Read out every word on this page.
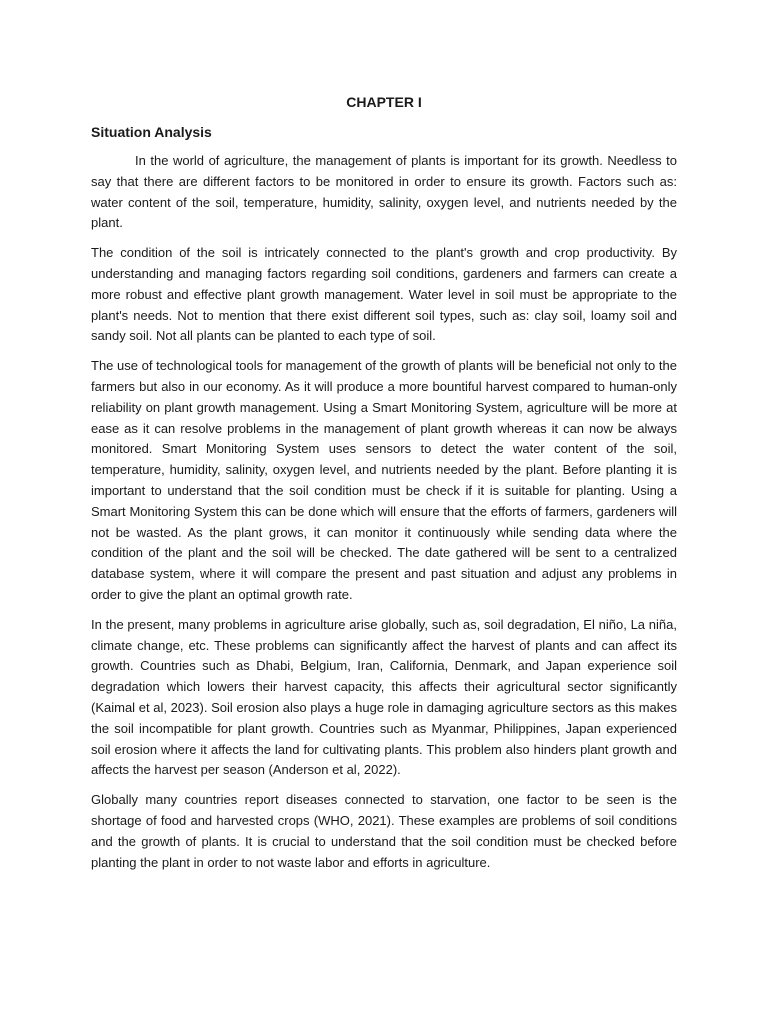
CHAPTER I
Situation Analysis

In the world of agriculture, the management of plants is important for its growth. Needless to say that there are different factors to be monitored in order to ensure its growth. Factors such as: water content of the soil, temperature, humidity, salinity, oxygen level, and nutrients needed by the plant.

The condition of the soil is intricately connected to the plant's growth and crop productivity. By understanding and managing factors regarding soil conditions, gardeners and farmers can create a more robust and effective plant growth management. Water level in soil must be appropriate to the plant's needs. Not to mention that there exist different soil types, such as: clay soil, loamy soil and sandy soil. Not all plants can be planted to each type of soil.

The use of technological tools for management of the growth of plants will be beneficial not only to the farmers but also in our economy. As it will produce a more bountiful harvest compared to human-only reliability on plant growth management. Using a Smart Monitoring System, agriculture will be more at ease as it can resolve problems in the management of plant growth whereas it can now be always monitored. Smart Monitoring System uses sensors to detect the water content of the soil, temperature, humidity, salinity, oxygen level, and nutrients needed by the plant. Before planting it is important to understand that the soil condition must be check if it is suitable for planting. Using a Smart Monitoring System this can be done which will ensure that the efforts of farmers, gardeners will not be wasted. As the plant grows, it can monitor it continuously while sending data where the condition of the plant and the soil will be checked. The date gathered will be sent to a centralized database system, where it will compare the present and past situation and adjust any problems in order to give the plant an optimal growth rate.

In the present, many problems in agriculture arise globally, such as, soil degradation, El niño, La niña, climate change, etc. These problems can significantly affect the harvest of plants and can affect its growth. Countries such as Dhabi, Belgium, Iran, California, Denmark, and Japan experience soil degradation which lowers their harvest capacity, this affects their agricultural sector significantly (Kaimal et al, 2023). Soil erosion also plays a huge role in damaging agriculture sectors as this makes the soil incompatible for plant growth. Countries such as Myanmar, Philippines, Japan experienced soil erosion where it affects the land for cultivating plants. This problem also hinders plant growth and affects the harvest per season (Anderson et al, 2022).

Globally many countries report diseases connected to starvation, one factor to be seen is the shortage of food and harvested crops (WHO, 2021). These examples are problems of soil conditions and the growth of plants. It is crucial to understand that the soil condition must be checked before planting the plant in order to not waste labor and efforts in agriculture.
